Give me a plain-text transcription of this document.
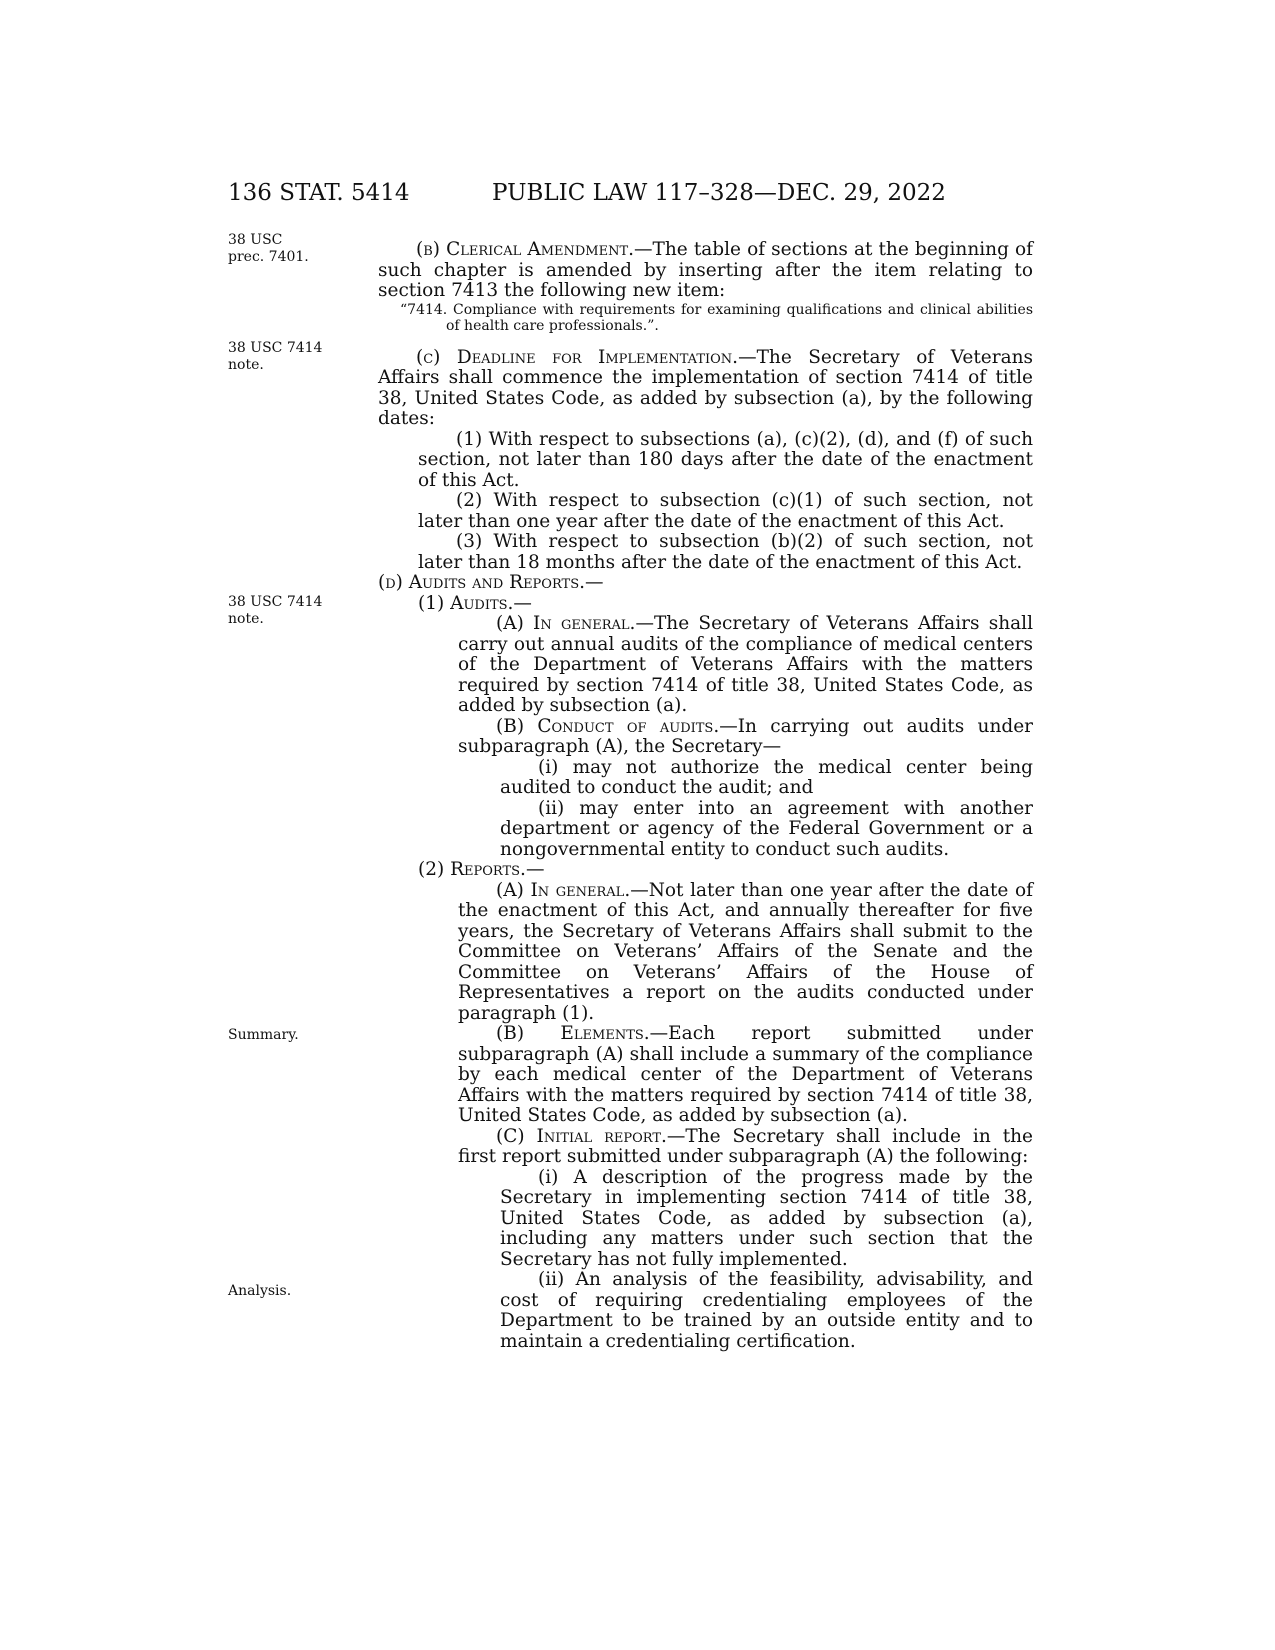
136 STAT. 5414	PUBLIC LAW 117–328—DEC. 29, 2022
38 USC
prec. 7401.
38 USC 7414
note.
38 USC 7414
note.
Summary.
Analysis.

(b) Clerical Amendment.—The table of sections at the beginning of such chapter is amended by inserting after the item relating to section 7413 the following new item:

“7414. Compliance with requirements for examining qualifications and clinical abilities of health care professionals.”.

(c) Deadline for Implementation.—The Secretary of Veterans Affairs shall commence the implementation of section 7414 of title 38, United States Code, as added by subsection (a), by the following dates:

(1) With respect to subsections (a), (c)(2), (d), and (f) of such section, not later than 180 days after the date of the enactment of this Act.

(2) With respect to subsection (c)(1) of such section, not later than one year after the date of the enactment of this Act.

(3) With respect to subsection (b)(2) of such section, not later than 18 months after the date of the enactment of this Act.

(d) Audits and Reports.—

(1) Audits.—

(A) In general.—The Secretary of Veterans Affairs shall carry out annual audits of the compliance of medical centers of the Department of Veterans Affairs with the matters required by section 7414 of title 38, United States Code, as added by subsection (a).

(B) Conduct of audits.—In carrying out audits under subparagraph (A), the Secretary—

(i) may not authorize the medical center being audited to conduct the audit; and

(ii) may enter into an agreement with another department or agency of the Federal Government or a nongovernmental entity to conduct such audits.

(2) Reports.—

(A) In general.—Not later than one year after the date of the enactment of this Act, and annually thereafter for five years, the Secretary of Veterans Affairs shall submit to the Committee on Veterans’ Affairs of the Senate and the Committee on Veterans’ Affairs of the House of Representatives a report on the audits conducted under paragraph (1).

(B) Elements.—Each report submitted under subparagraph (A) shall include a summary of the compliance by each medical center of the Department of Veterans Affairs with the matters required by section 7414 of title 38, United States Code, as added by subsection (a).

(C) Initial report.—The Secretary shall include in the first report submitted under subparagraph (A) the following:

(i) A description of the progress made by the Secretary in implementing section 7414 of title 38, United States Code, as added by subsection (a), including any matters under such section that the Secretary has not fully implemented.

(ii) An analysis of the feasibility, advisability, and cost of requiring credentialing employees of the Department to be trained by an outside entity and to maintain a credentialing certification.
